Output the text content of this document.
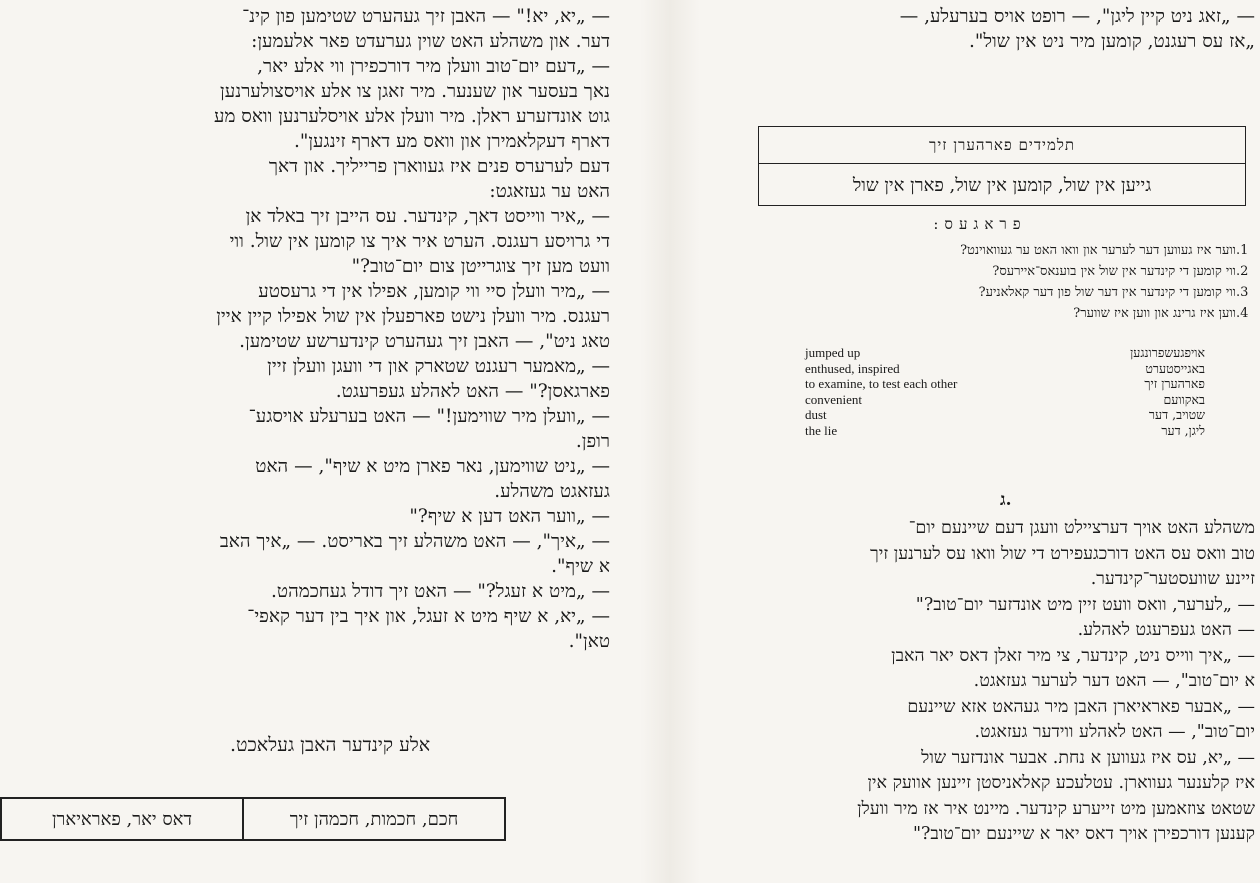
— „יא, יא!" — האבן זיך געהערט שטימען פון קינ־
דער. און משהלע האט שוין גערעדט פאר אלעמען:
— „דעם יום־טוב וועלן מיר דורכפירן ווי אלע יאר,
נאך בעסער און שענער. מיר זאגן צו אלע אויסצולערנען
גוט אונדזערע ראלן. מיר וועלן אלע אויסלערנען וואס מע
דארף דעקלאמירן און וואס מע דארף זינגען".
דעם לערערס פנים איז געווארן פרייליך. און דאך
האט ער געזאגט:
— „איר ווייסט דאך, קינדער. עס הייבן זיך באלד אן
די גרויסע רעגנס. הערט איר איך צו קומען אין שול. ווי
וועט מען זיך צוגרייטן צום יום־טוב?"
— „מיר וועלן סיי ווי קומען, אפילו אין די גרעסטע
רעגנס. מיר וועלן נישט פארפעלן אין שול אפילו קיין איין
טאג ניט", — האבן זיך געהערט קינדערשע שטימען.
— „מאמער רעגנט שטארק און די וועגן וועלן זיין
פארגאסן?" — האט לאהלע געפרעגט.
— „וועלן מיר שווימען!" — האט בערעלע אויסגע־
רופן.
— „ניט שווימען, נאר פארן מיט א שיף", — האט
געזאגט משהלע.
— „ווער האט דען א שיף?"
— „איך", — האט משהלע זיך באריסט. — „איך האב
א שיף".
— „מיט א זעגל?" — האט זיך דודל געחכמהט.
— „יא, א שיף מיט א זעגל, און איך בין דער קאפי־
טאן".

אלע קינדער האבן געלאכט.
חכם, חכמות, חכמהן זיך
דאס יאר, פאראיארן

— „זאג ניט קיין ליגן", — רופט אויס בערעלע, —
„אז עס רעגנט, קומען מיר ניט אין שול".

תלמידים פארהערן זיך
גייען אין שול, קומען אין שול, פארן אין שול
פראגעס:
1.
ווער איז געווען דער לערער און וואו האט ער געוואוינט?
2.
ווי קומען די קינדער אין שול אין בוענאס־איירעס?
3.
ווי קומען די קינדער אין דער שול פון דער קאלאניע?
4.
ווען איז גרינג און ווען איז שווער?
jumped up	אויפגעשפרונגען
enthused, inspired	באגייסטערט
to examine, to test each other	פארהערן זיך
convenient	באקוועם
dust	שטויב, דער
the lie	ליגן, דער
ג.

משהלע האט אויך דערציילט וועגן דעם שיינעם יום־
טוב וואס עס האט דורכגעפירט די שול וואו עס לערנען זיך
זיינע שוועסטער־קינדער.
— „לערער, וואס וועט זיין מיט אונדזער יום־טוב?"
— האט געפרעגט לאהלע.
— „איך ווייס ניט, קינדער, צי מיר זאלן דאס יאר האבן
א יום־טוב", — האט דער לערער געזאגט.
— „אבער פאראיארן האבן מיר געהאט אזא שיינעם
יום־טוב", — האט לאהלע ווידער געזאגט.
— „יא, עס איז געווען א נחת. אבער אונדזער שול
איז קלענער געווארן. עטלעכע קאלאניסטן זיינען אוועק אין
שטאט צוזאמען מיט זייערע קינדער. מיינט איר אז מיר וועלן
קענען דורכפירן אויך דאס יאר א שיינעם יום־טוב?"
